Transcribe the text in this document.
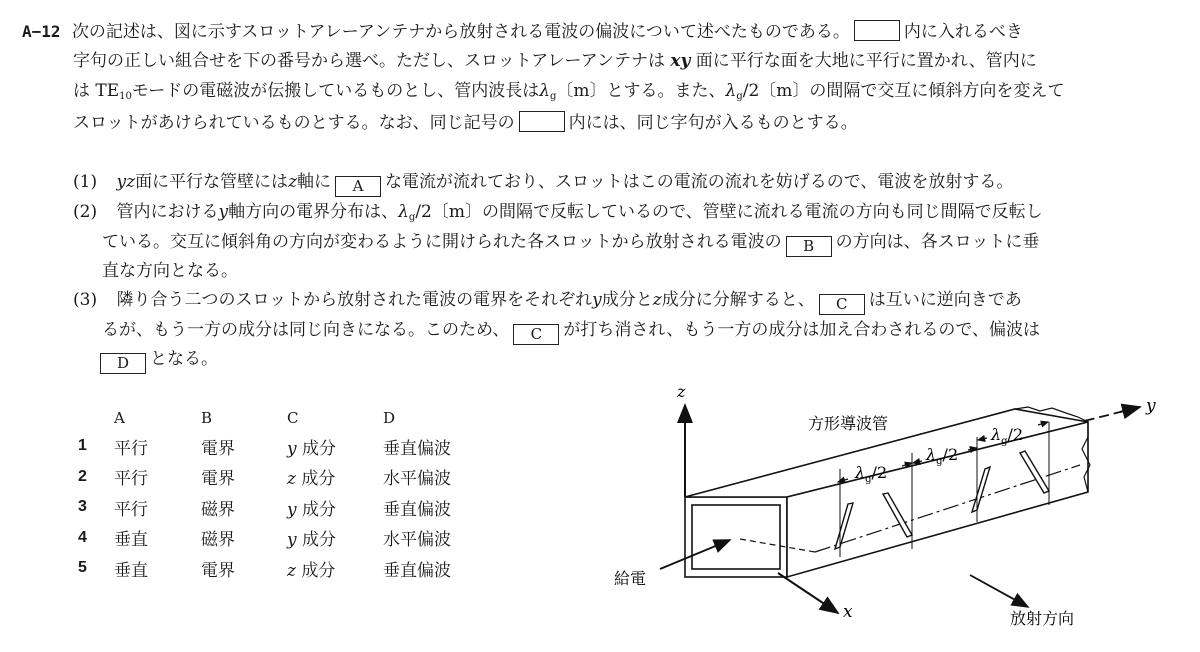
A−12 次の記述は、図に示すスロットアレーアンテナから放射される電波の偏波について述べたものである。	内に入れるべき
字句の正しい組合せを下の番号から選べ。ただし、スロットアレーアンテナは xy 面に平行な面を大地に平行に置かれ、管内に
は $TE_{10}$モードの電磁波が伝搬しているものとし、管内波長は$\lambda_g$〔m〕とする。また、$\lambda_g/2$〔m〕の間隔で交互に傾斜方向を変えて
スロットがあけられているものとする。なお、同じ記号の	内には、同じ字句が入るものとする。
(1) yz面に平行な管壁にはz軸に A な電流が流れており、スロットはこの電流の流れを妨げるので、電波を放射する。
(2) 管内におけるy軸方向の電界分布は、$\lambda_g/2$〔m〕の間隔で反転しているので、管壁に流れる電流の方向も同じ間隔で反転し
ている。交互に傾斜角の方向が変わるように開けられた各スロットから放射される電波の B の方向は、各スロットに垂
直な方向となる。
(3) 隣り合う二つのスロットから放射された電波の電界をそれぞれy成分とz成分に分解すると、 C は互いに逆向きであ
るが、もう一方の成分は同じ向きになる。このため、 C が打ち消され、もう一方の成分は加え合わされるので、偏波は
D となる。
	A	B	C	D
1	平行	電界	y 成分	垂直偏波
2	平行	電界	z 成分	水平偏波
3	平行	磁界	y 成分	垂直偏波
4	垂直	磁界	y 成分	水平偏波
5	垂直	電界	z 成分	垂直偏波
z
y
$\lambda_g/2$
$\lambda_g/2$
$\lambda_g/2$
方形導波管
給電
x	放射方向
